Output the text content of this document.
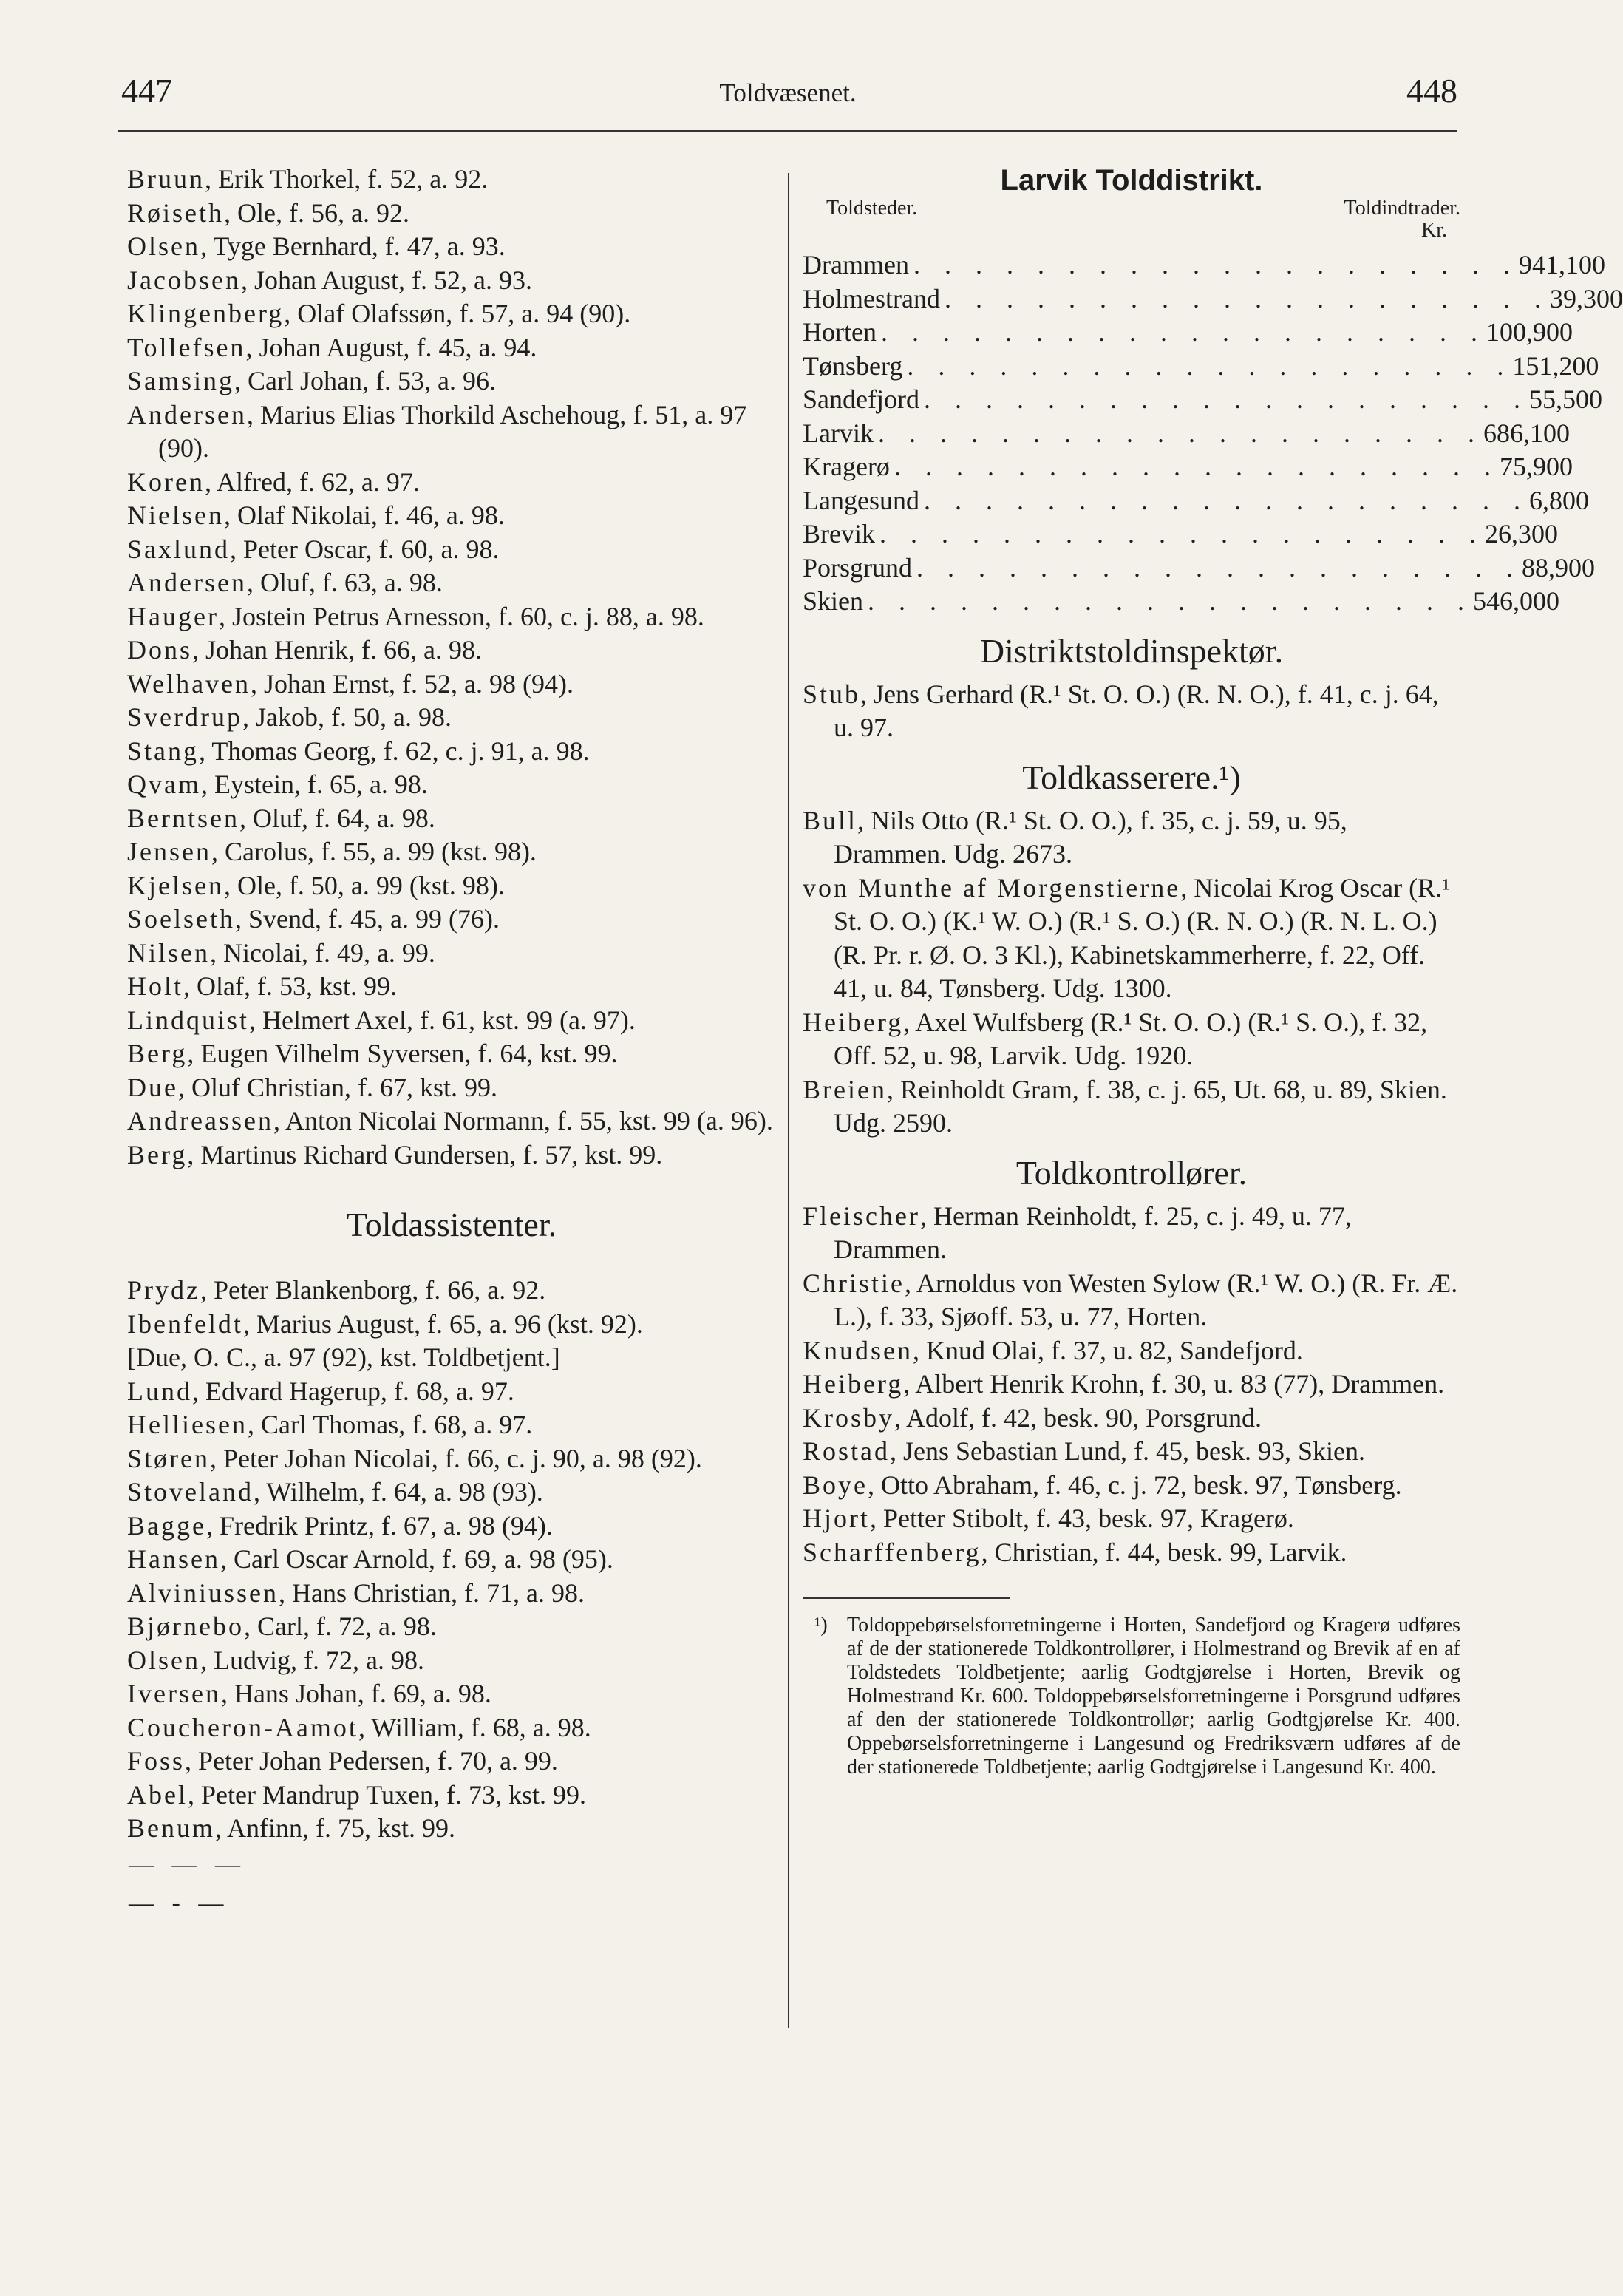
447	Toldvæsenet.	448
Bruun, Erik Thorkel, f. 52, a. 92.
Røiseth, Ole, f. 56, a. 92.
Olsen, Tyge Bernhard, f. 47, a. 93.
Jacobsen, Johan August, f. 52, a. 93.
Klingenberg, Olaf Olafssøn, f. 57, a. 94 (90).
Tollefsen, Johan August, f. 45, a. 94.
Samsing, Carl Johan, f. 53, a. 96.
Andersen, Marius Elias Thorkild Aschehoug, f. 51, a. 97 (90).
Koren, Alfred, f. 62, a. 97.
Nielsen, Olaf Nikolai, f. 46, a. 98.
Saxlund, Peter Oscar, f. 60, a. 98.
Andersen, Oluf, f. 63, a. 98.
Hauger, Jostein Petrus Arnesson, f. 60, c. j. 88, a. 98.
Dons, Johan Henrik, f. 66, a. 98.
Welhaven, Johan Ernst, f. 52, a. 98 (94).
Sverdrup, Jakob, f. 50, a. 98.
Stang, Thomas Georg, f. 62, c. j. 91, a. 98.
Qvam, Eystein, f. 65, a. 98.
Berntsen, Oluf, f. 64, a. 98.
Jensen, Carolus, f. 55, a. 99 (kst. 98).
Kjelsen, Ole, f. 50, a. 99 (kst. 98).
Soelseth, Svend, f. 45, a. 99 (76).
Nilsen, Nicolai, f. 49, a. 99.
Holt, Olaf, f. 53, kst. 99.
Lindquist, Helmert Axel, f. 61, kst. 99 (a. 97).
Berg, Eugen Vilhelm Syversen, f. 64, kst. 99.
Due, Oluf Christian, f. 67, kst. 99.
Andreassen, Anton Nicolai Normann, f. 55, kst. 99 (a. 96).
Berg, Martinus Richard Gundersen, f. 57, kst. 99.
Toldassistenter.
Prydz, Peter Blankenborg, f. 66, a. 92.
Ibenfeldt, Marius August, f. 65, a. 96 (kst. 92).
[Due, O. C., a. 97 (92), kst. Toldbetjent.]
Lund, Edvard Hagerup, f. 68, a. 97.
Helliesen, Carl Thomas, f. 68, a. 97.
Støren, Peter Johan Nicolai, f. 66, c. j. 90, a. 98 (92).
Stoveland, Wilhelm, f. 64, a. 98 (93).
Bagge, Fredrik Printz, f. 67, a. 98 (94).
Hansen, Carl Oscar Arnold, f. 69, a. 98 (95).
Alviniussen, Hans Christian, f. 71, a. 98.
Bjørnebo, Carl, f. 72, a. 98.
Olsen, Ludvig, f. 72, a. 98.
Iversen, Hans Johan, f. 69, a. 98.
Coucheron-Aamot, William, f. 68, a. 98.
Foss, Peter Johan Pedersen, f. 70, a. 99.
Abel, Peter Mandrup Tuxen, f. 73, kst. 99.
Benum, Anfinn, f. 75, kst. 99.
— — —
— - —
Larvik Tolddistrikt.
Toldsteder.	Toldindtrader.
Kr.
Drammen . . . . . . . . . . . . . . . . . . . . 941,100
Holmestrand . . . . . . . . . . . . . . . . . . . . 39,300
Horten . . . . . . . . . . . . . . . . . . . . 100,900
Tønsberg . . . . . . . . . . . . . . . . . . . . 151,200
Sandefjord . . . . . . . . . . . . . . . . . . . . 55,500
Larvik . . . . . . . . . . . . . . . . . . . . 686,100
Kragerø . . . . . . . . . . . . . . . . . . . . 75,900
Langesund . . . . . . . . . . . . . . . . . . . . 6,800
Brevik . . . . . . . . . . . . . . . . . . . . 26,300
Porsgrund . . . . . . . . . . . . . . . . . . . . 88,900
Skien . . . . . . . . . . . . . . . . . . . . 546,000
Distriktstoldinspektør.
Stub, Jens Gerhard (R.¹ St. O. O.) (R. N. O.), f. 41, c. j. 64, u. 97.
Toldkasserere.¹)
Bull, Nils Otto (R.¹ St. O. O.), f. 35, c. j. 59, u. 95, Drammen. Udg. 2673.
von Munthe af Morgenstierne, Nicolai Krog Oscar (R.¹ St. O. O.) (K.¹ W. O.) (R.¹ S. O.) (R. N. O.) (R. N. L. O.) (R. Pr. r. Ø. O. 3 Kl.), Kabinetskammerherre, f. 22, Off. 41, u. 84, Tønsberg. Udg. 1300.
Heiberg, Axel Wulfsberg (R.¹ St. O. O.) (R.¹ S. O.), f. 32, Off. 52, u. 98, Larvik. Udg. 1920.
Breien, Reinholdt Gram, f. 38, c. j. 65, Ut. 68, u. 89, Skien. Udg. 2590.
Toldkontrollører.
Fleischer, Herman Reinholdt, f. 25, c. j. 49, u. 77, Drammen.
Christie, Arnoldus von Westen Sylow (R.¹ W. O.) (R. Fr. Æ. L.), f. 33, Sjøoff. 53, u. 77, Horten.
Knudsen, Knud Olai, f. 37, u. 82, Sandefjord.
Heiberg, Albert Henrik Krohn, f. 30, u. 83 (77), Drammen.
Krosby, Adolf, f. 42, besk. 90, Porsgrund.
Rostad, Jens Sebastian Lund, f. 45, besk. 93, Skien.
Boye, Otto Abraham, f. 46, c. j. 72, besk. 97, Tønsberg.
Hjort, Petter Stibolt, f. 43, besk. 97, Kragerø.
Scharffenberg, Christian, f. 44, besk. 99, Larvik.
¹) Toldoppebørselsforretningerne i Horten, Sandefjord og Kragerø udføres af de der stationerede Toldkontrollører, i Holmestrand og Brevik af en af Toldstedets Toldbetjente; aarlig Godtgjørelse i Horten, Brevik og Holmestrand Kr. 600. Toldoppebørselsforretningerne i Porsgrund udføres af den der stationerede Toldkontrollør; aarlig Godtgjørelse Kr. 400. Oppebørselsforretningerne i Langesund og Fredriksværn udføres af de der stationerede Toldbetjente; aarlig Godtgjørelse i Langesund Kr. 400.
